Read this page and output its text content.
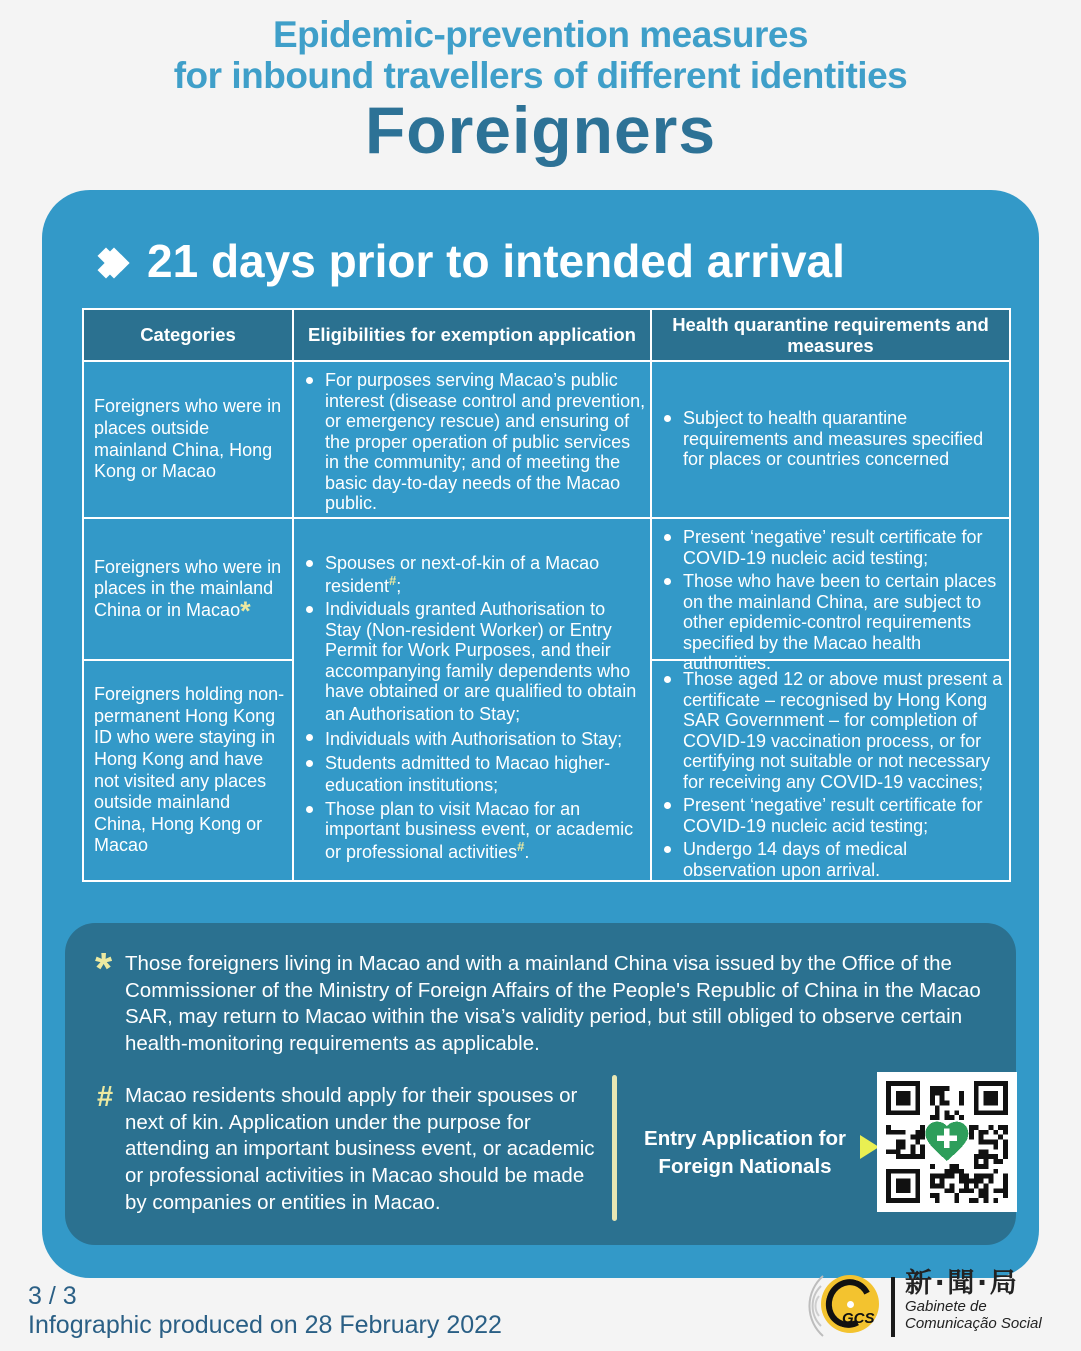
Epidemic-prevention measures
for inbound travellers of different identities
Foreigners
21 days prior to intended arrival
Categories	Eligibilities for exemption application
Health quarantine requirements and measures
Foreigners who were in places outside mainland China, Hong Kong or Macao
For purposes serving Macao’s public interest (disease control and prevention, or emergency rescue) and ensuring of the proper operation of public services in the community; and of meeting the basic day-to-day needs of the Macao public.
Subject to health quarantine requirements and measures specified for places or countries concerned
Foreigners who were in places in the mainland China or in Macao*
Spouses or next-of-kin of a Macao resident#;
Individuals granted Authorisation to Stay (Non-resident Worker) or Entry Permit for Work Purposes, and their accompanying family dependents who have obtained or are qualified to obtain an Authorisation to Stay;
Individuals with Authorisation to Stay;
Students admitted to Macao higher-education institutions;
Those plan to visit Macao for an important business event, or academic or professional activities#.
Present ‘negative’ result certificate for COVID-19 nucleic acid testing;
Those who have been to certain places on the mainland China, are subject to other epidemic-control requirements specified by the Macao health authorities.
Foreigners holding non-permanent Hong Kong ID who were staying in Hong Kong and have not visited any places outside mainland China, Hong Kong or Macao
Those aged 12 or above must present a certificate – recognised by Hong Kong SAR Government – for completion of COVID-19 vaccination process, or for certifying not suitable or not necessary for receiving any COVID-19 vaccines;
Present ‘negative’ result certificate for COVID-19 nucleic acid testing;
Undergo 14 days of medical observation upon arrival.
* Those foreigners living in Macao and with a mainland China visa issued by the Office of the Commissioner of the Ministry of Foreign Affairs of the People's Republic of China in the Macao SAR, may return to Macao within the visa’s validity period, but still obliged to observe certain health-monitoring requirements as applicable.
# Macao residents should apply for their spouses or next of kin. Application under the purpose for attending an important business event, or academic or professional activities in Macao should be made by companies or entities in Macao.
Entry Application for
Foreign Nationals
3 / 3
Infographic produced on 28 February 2022	GCS
新‧聞‧局
Gabinete de
Comunicação Social
